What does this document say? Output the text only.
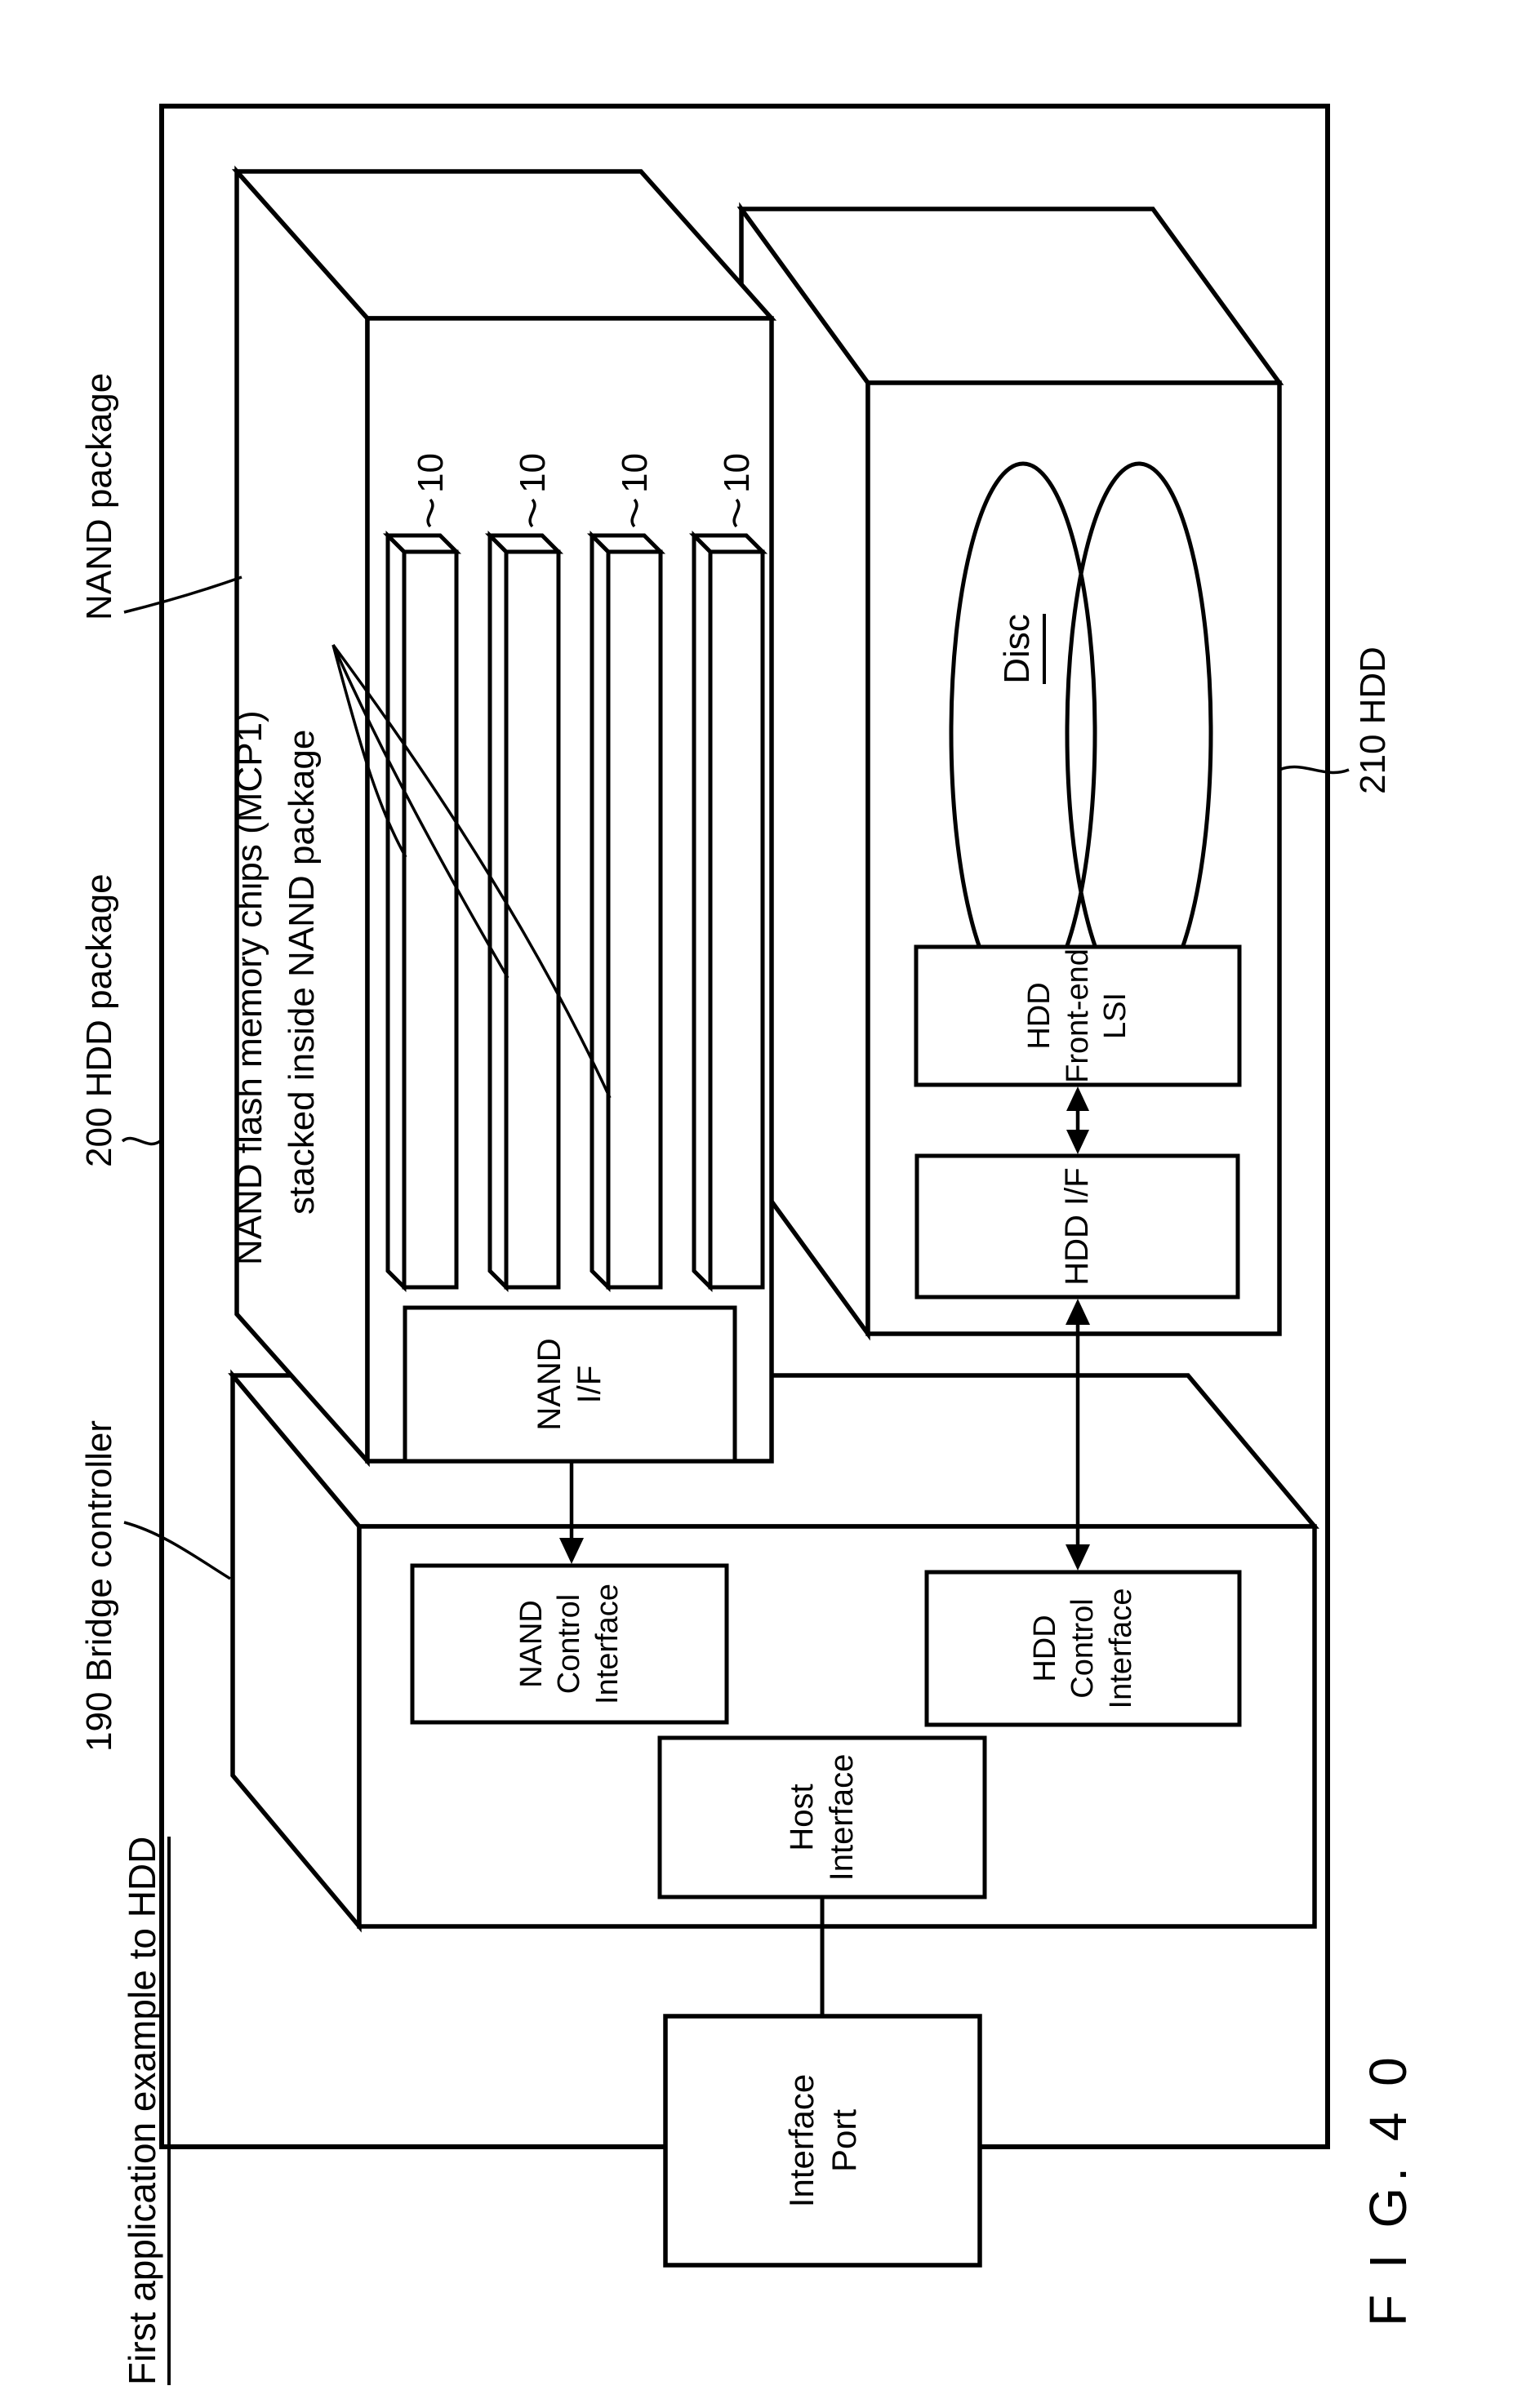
First application example to HDD

190 Bridge controller
200 HDD package
NAND package
NAND flash memory chips (MCP1) stacked inside NAND package
10 10 10 10
NAND
I/F
NAND
Control
Interface	HDD
Control
Interface
Host
Interface
Interface
Port
HDD
Front-end
LSI
HDD I/F
Disc	210 HDD
F I G. 4 0
